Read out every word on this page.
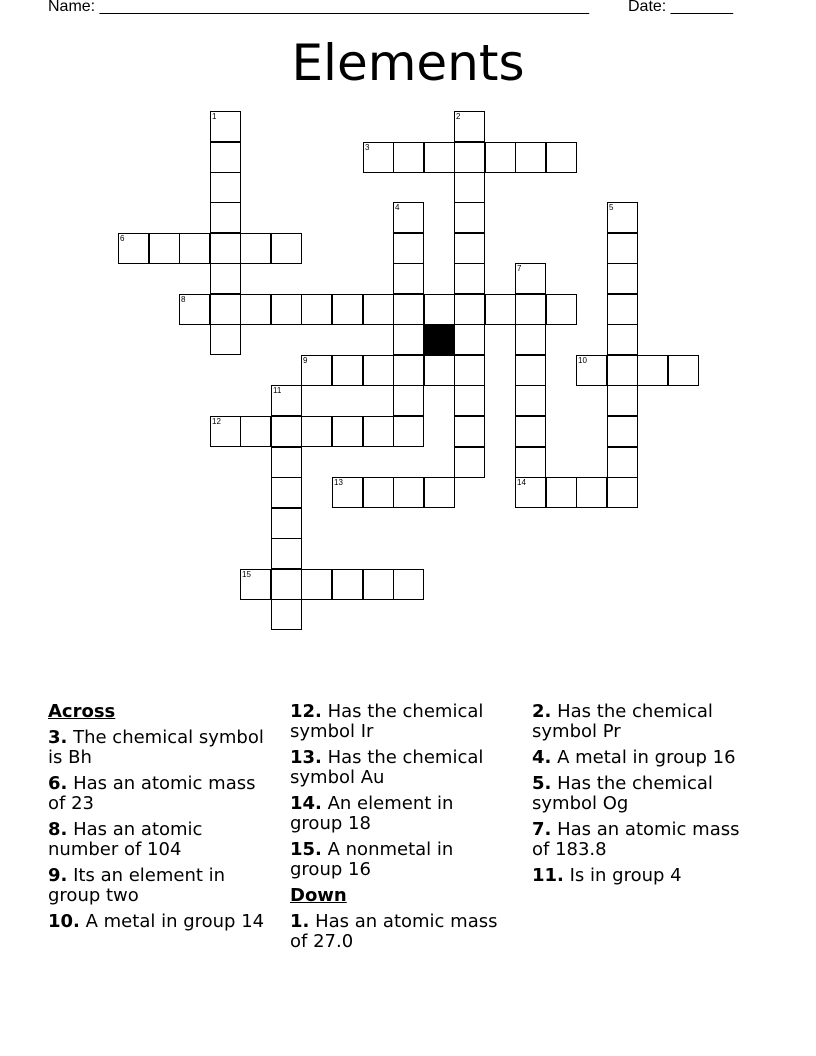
Name: _______________________________________________________ Date: _______
Elements
1	2
3
4	5
6
7
8
9	10
11
12
13	14
15
Across
3. The chemical symbol is Bh
6. Has an atomic mass of 23
8. Has an atomic number of 104
9. Its an element in group two
10. A metal in group 14
12. Has the chemical symbol Ir
13. Has the chemical symbol Au
14. An element in group 18
15. A nonmetal in group 16
Down
1. Has an atomic mass of 27.0
2. Has the chemical symbol Pr
4. A metal in group 16
5. Has the chemical symbol Og
7. Has an atomic mass of 183.8
11. Is in group 4
